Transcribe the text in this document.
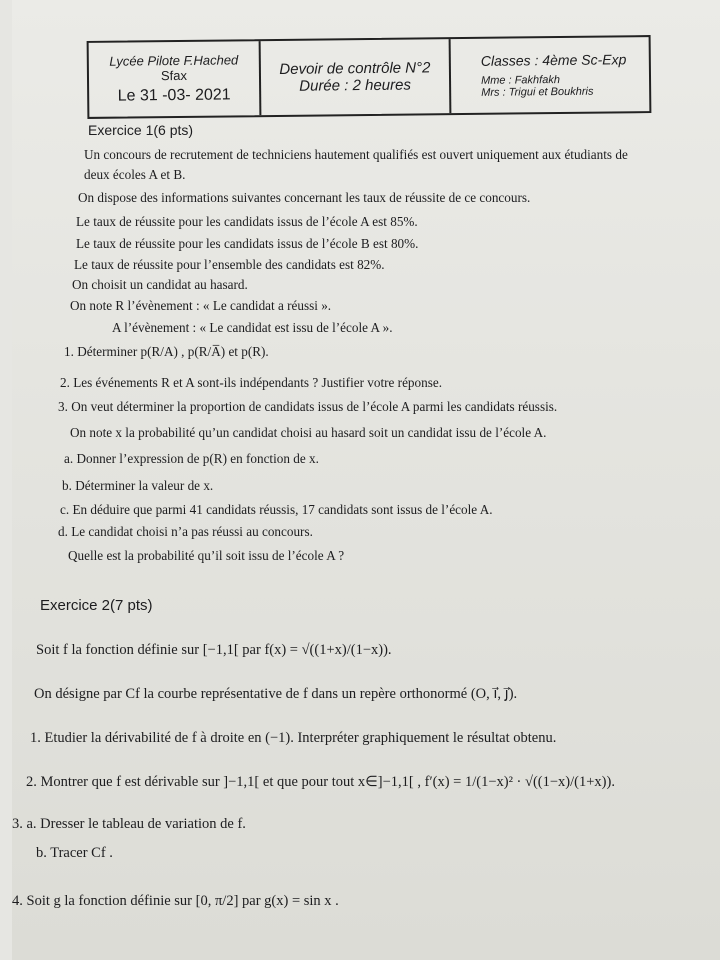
Lycée Pilote F.Hached
Sfax
Le 31 -03- 2021
Devoir de contrôle N°2
Durée : 2 heures
Classes : 4ème Sc-Exp
Mme : Fakhfakh
Mrs : Trigui et Boukhris
Exercice 1(6 pts)
Un concours de recrutement de techniciens hautement qualifiés est ouvert uniquement aux étudiants de
deux écoles A et B.
On dispose des informations suivantes concernant les taux de réussite de ce concours.
Le taux de réussite pour les candidats issus de l’école A est 85%.
Le taux de réussite pour les candidats issus de l’école B est 80%.
Le taux de réussite pour l’ensemble des candidats est 82%.
On choisit un candidat au hasard.
On note R l’évènement : « Le candidat a réussi ».
A l’évènement : « Le candidat est issu de l’école A ».
1. Déterminer p(R/A) , p(R/A̅) et p(R).
2. Les événements R et A sont-ils indépendants ? Justifier votre réponse.
3. On veut déterminer la proportion de candidats issus de l’école A parmi les candidats réussis.
On note x la probabilité qu’un candidat choisi au hasard soit un candidat issu de l’école A.
a. Donner l’expression de p(R) en fonction de x.
b. Déterminer la valeur de x.
c. En déduire que parmi 41 candidats réussis, 17 candidats sont issus de l’école A.
d. Le candidat choisi n’a pas réussi au concours.
Quelle est la probabilité qu’il soit issu de l’école A ?
Exercice 2(7 pts)
Soit f la fonction définie sur [−1,1[ par f(x) = √((1+x)/(1−x)).
On désigne par Cf la courbe représentative de f dans un repère orthonormé (O, i⃗, j⃗).
1. Etudier la dérivabilité de f à droite en (−1). Interpréter graphiquement le résultat obtenu.
2. Montrer que f est dérivable sur ]−1,1[ et que pour tout x∈]−1,1[ , f′(x) = 1/(1−x)² · √((1−x)/(1+x)).
3. a. Dresser le tableau de variation de f.
b. Tracer Cf .
4. Soit g la fonction définie sur [0, π/2] par g(x) = sin x .
